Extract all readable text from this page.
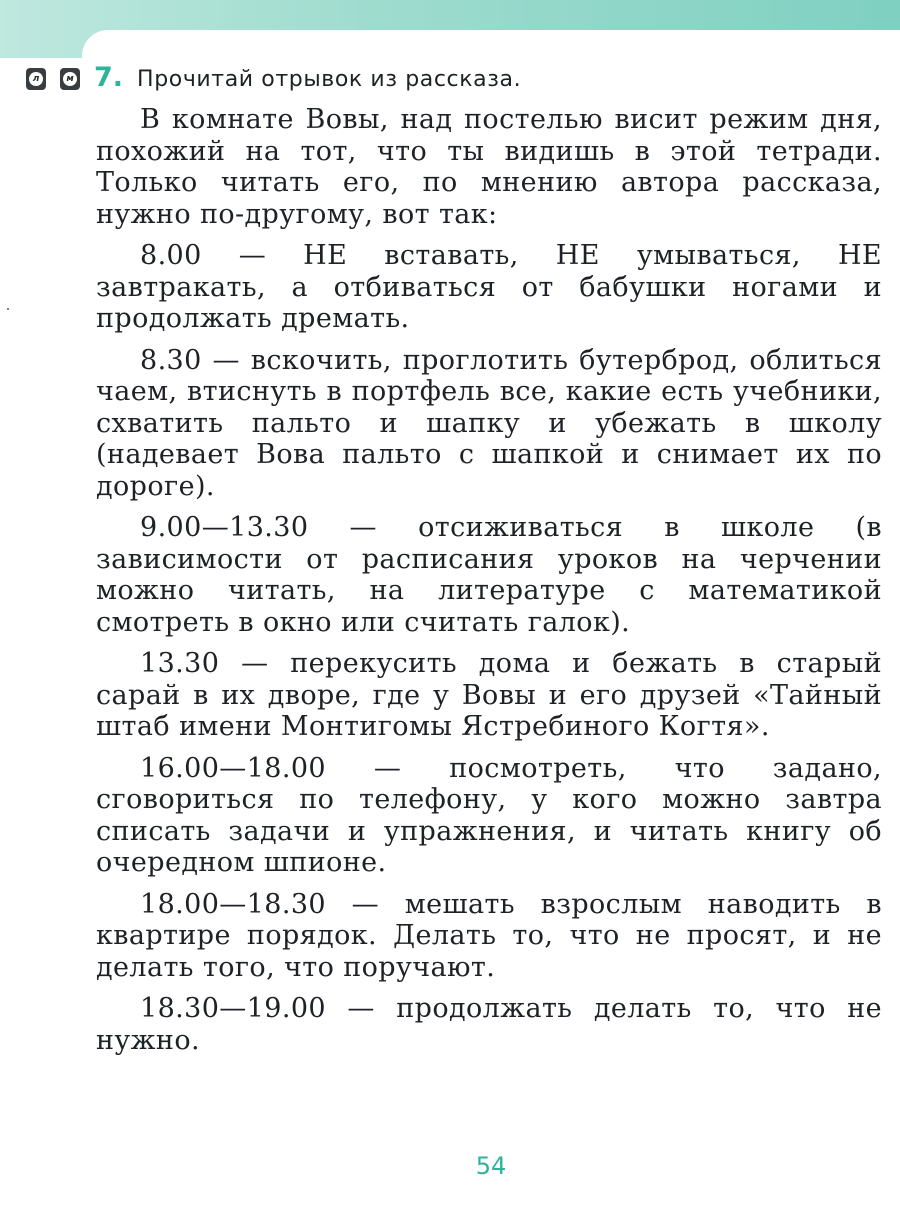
л	м 7. Прочитай отрывок из рассказа.

В комнате Вовы, над постелью висит режим дня, похожий на тот, что ты видишь в этой тетради. Только читать его, по мнению автора рассказа, нужно по-другому, вот так:

8.00 — НЕ вставать, НЕ умываться, НЕ завтракать, а отбиваться от бабушки ногами и продолжать дремать.

8.30 — вскочить, проглотить бутерброд, облиться чаем, втиснуть в портфель все, какие есть учебники, схватить пальто и шапку и убежать в школу (надевает Вова пальто с шапкой и снимает их по дороге).

9.00—13.30 — отсиживаться в школе (в зависимости от расписания уроков на черчении можно читать, на литературе с математикой смотреть в окно или считать галок).

13.30 — перекусить дома и бежать в старый сарай в их дворе, где у Вовы и его друзей «Тайный штаб имени Монтигомы Ястребиного Когтя».

16.00—18.00 — посмотреть, что задано, сговориться по телефону, у кого можно завтра списать задачи и упражнения, и читать книгу об очередном шпионе.

18.00—18.30 — мешать взрослым наводить в квартире порядок. Делать то, что не просят, и не делать того, что поручают.

18.30—19.00 — продолжать делать то, что не нужно.

54
